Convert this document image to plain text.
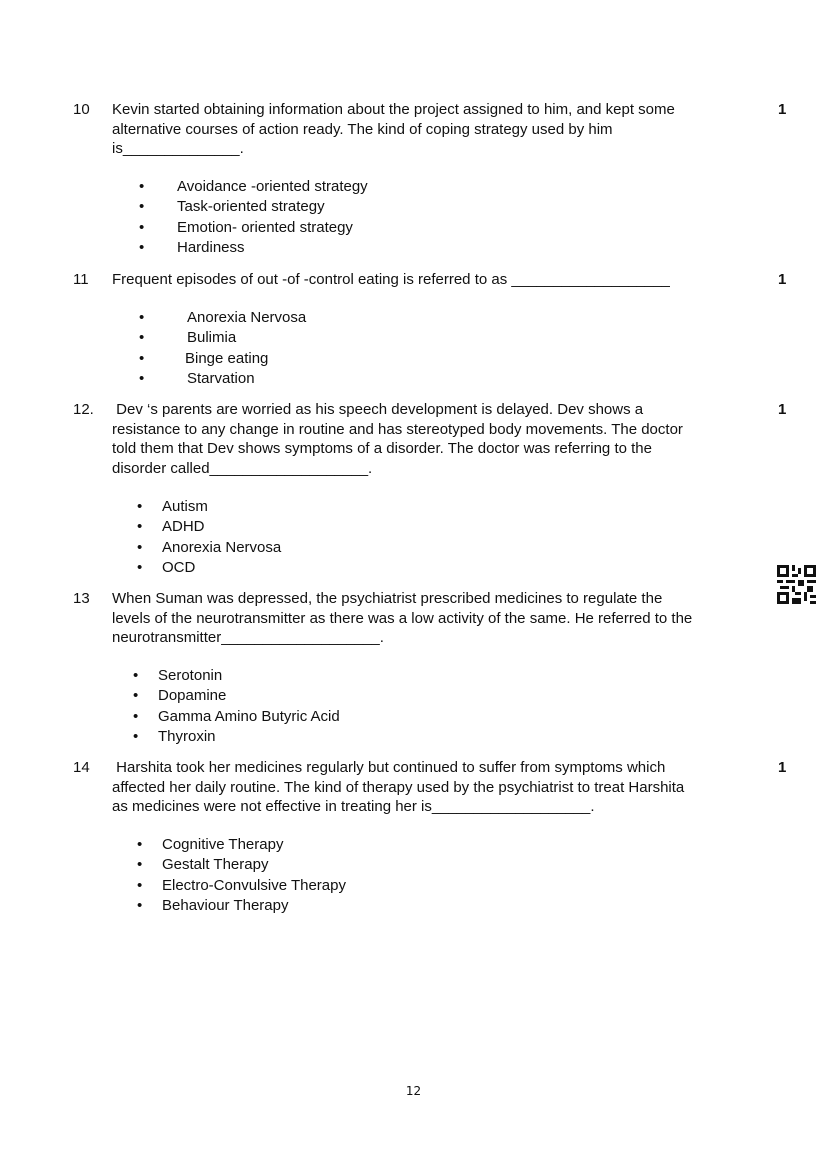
10 Kevin started obtaining information about the project assigned to him, and kept some
alternative courses of action ready. The kind of coping strategy used by him
is______________.
1
• Avoidance -oriented strategy
• Task-oriented strategy
• Emotion- oriented strategy
• Hardiness
11 Frequent episodes of out -of -control eating is referred to as ___________________	1
• Anorexia Nervosa
• Bulimia
• Binge eating
• Starvation
12. Dev ‘s parents are worried as his speech development is delayed. Dev shows a
resistance to any change in routine and has stereotyped body movements. The doctor
told them that Dev shows symptoms of a disorder. The doctor was referring to the
disorder called___________________.
1
• Autism
• ADHD
• Anorexia Nervosa
• OCD
13 When Suman was depressed, the psychiatrist prescribed medicines to regulate the
levels of the neurotransmitter as there was a low activity of the same. He referred to the
neurotransmitter___________________.
• Serotonin
• Dopamine
• Gamma Amino Butyric Acid
• Thyroxin
14 Harshita took her medicines regularly but continued to suffer from symptoms which
affected her daily routine. The kind of therapy used by the psychiatrist to treat Harshita
as medicines were not effective in treating her is___________________.
1
• Cognitive Therapy
• Gestalt Therapy
• Electro-Convulsive Therapy
• Behaviour Therapy
12
